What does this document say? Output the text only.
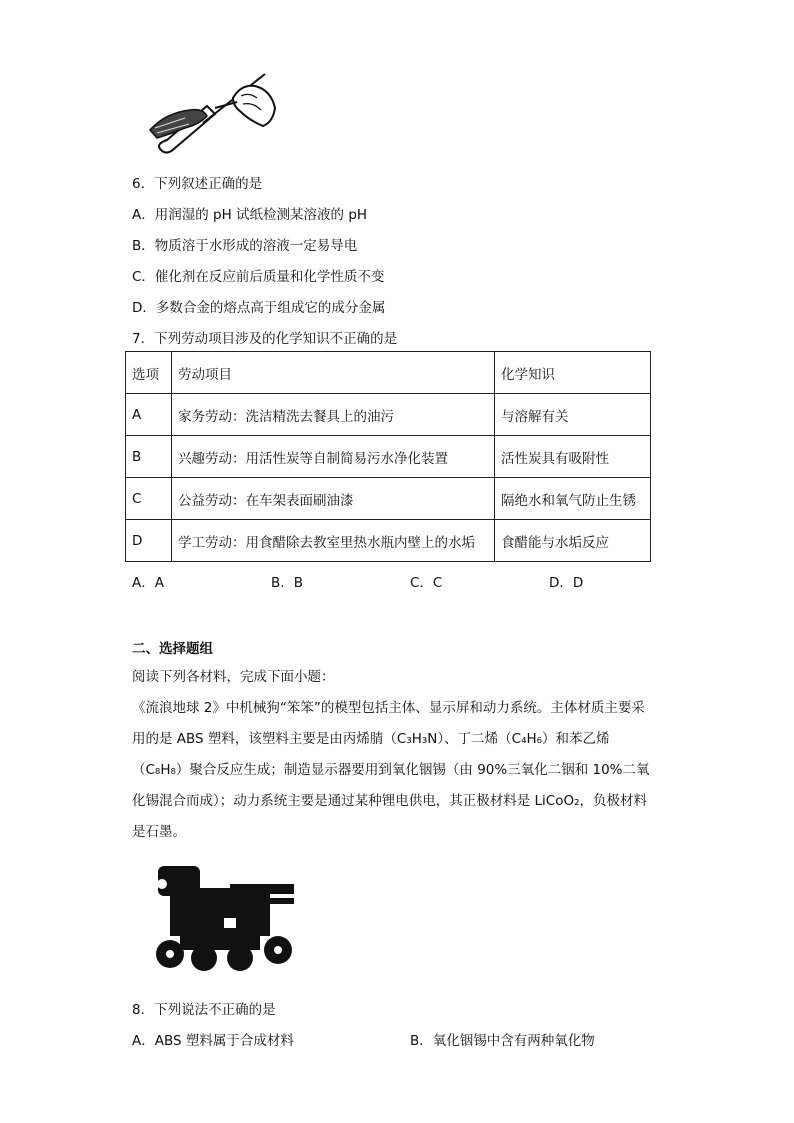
6．下列叙述正确的是
A．用润湿的 pH 试纸检测某溶液的 pH
B．物质溶于水形成的溶液一定易导电
C．催化剂在反应前后质量和化学性质不变
D．多数合金的熔点高于组成它的成分金属
7．下列劳动项目涉及的化学知识不正确的是
选项	劳动项目	化学知识
A	家务劳动：洗洁精洗去餐具上的油污	与溶解有关
B	兴趣劳动：用活性炭等自制简易污水净化装置	活性炭具有吸附性
C	公益劳动：在车架表面刷油漆	隔绝水和氧气防止生锈
D	学工劳动：用食醋除去教室里热水瓶内壁上的水垢	食醋能与水垢反应
A．A	B．B	C．C	D．D
二、选择题组
阅读下列各材料，完成下面小题：
《流浪地球 2》中机械狗“笨笨”的模型包括主体、显示屏和动力系统。主体材质主要采
用的是 ABS 塑料，该塑料主要是由丙烯腈（C₃H₃N）、丁二烯（C₄H₆）和苯乙烯
（C₈H₈）聚合反应生成；制造显示器要用到氧化铟锡（由 90%三氧化二铟和 10%二氧
化锡混合而成）；动力系统主要是通过某种锂电供电，其正极材料是 LiCoO₂，负极材料
是石墨。
8．下列说法不正确的是
A．ABS 塑料属于合成材料	B．氧化铟锡中含有两种氧化物
